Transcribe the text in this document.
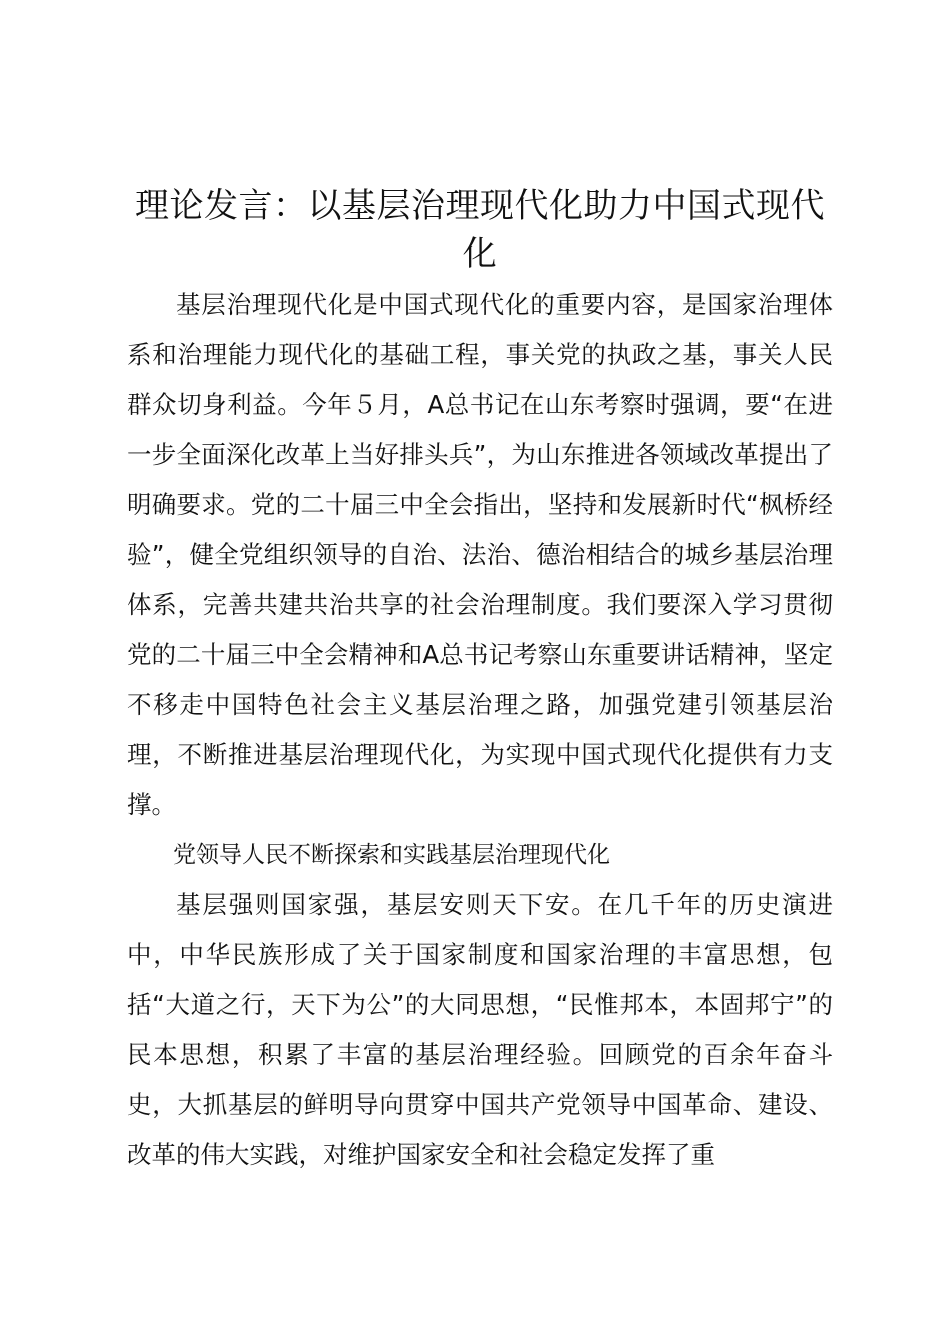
理论发言：以基层治理现代化助力中国式现代化

基层治理现代化是中国式现代化的重要内容，是国家治理体系和治理能力现代化的基础工程，事关党的执政之基，事关人民群众切身利益。今年５月，A总书记在山东考察时强调，要“在进一步全面深化改革上当好排头兵”，为山东推进各领域改革提出了明确要求。党的二十届三中全会指出，坚持和发展新时代“枫桥经验”，健全党组织领导的自治、法治、德治相结合的城乡基层治理体系，完善共建共治共享的社会治理制度。我们要深入学习贯彻党的二十届三中全会精神和A总书记考察山东重要讲话精神，坚定不移走中国特色社会主义基层治理之路，加强党建引领基层治理，不断推进基层治理现代化，为实现中国式现代化提供有力支撑。

党领导人民不断探索和实践基层治理现代化

基层强则国家强，基层安则天下安。在几千年的历史演进中，中华民族形成了关于国家制度和国家治理的丰富思想，包括“大道之行，天下为公”的大同思想，“民惟邦本，本固邦宁”的民本思想，积累了丰富的基层治理经验。回顾党的百余年奋斗史，大抓基层的鲜明导向贯穿中国共产党领导中国革命、建设、改革的伟大实践，对维护国家安全和社会稳定发挥了重
